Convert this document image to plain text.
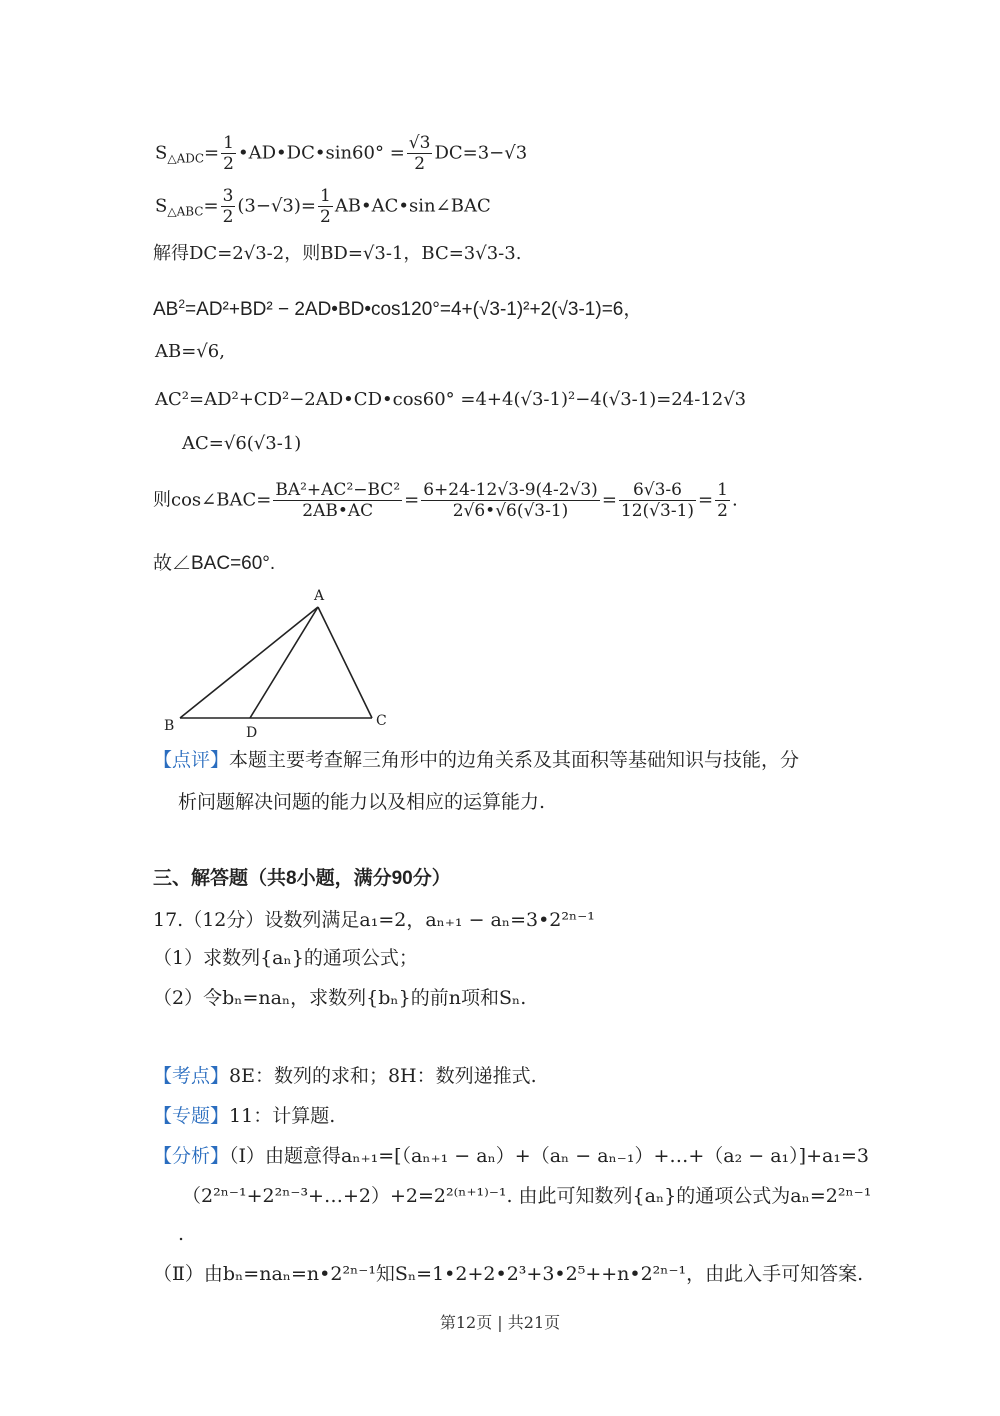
$S_{\triangle ADC}= \frac{1}{2}$ •AD•DC•sin60° = $\frac{√3}{2} DC=3-√3$
$S_{\triangle ABC}= \frac{3}{2} (3-√3)= \frac{1}{2}$ AB•AC•sin∠BAC
解得DC=2√3-2，则BD=√3-1，BC=3√3-3.
$AB^2=AD^2+BD^2$ − 2AD•BD•cos120°=4+(√3-1)²+2(√3-1)=6，
AB=√6,
AC²=AD²+CD²−2AD•CD•cos60° =4+4(√3-1)²−4(√3-1)=24-12√3
AC=√6(√3-1)
则cos∠BAC= $\frac{\text{BA²+AC²−BC²}}{2AB•AC} = \frac{6+24-12√3-9(4-2√3)}{2√6•√6(√3-1)} = \frac{6√3-6}{12(√3-1)} = \frac{1}{2}$ .
故∠BAC=60°.
A
B	C
D
【点评】本题主要考查解三角形中的边角关系及其面积等基础知识与技能，分
析问题解决问题的能力以及相应的运算能力.
三、解答题（共8小题，满分90分）
17.（12分）设数列满足a₁=2，aₙ₊₁ − aₙ=3•2²ⁿ⁻¹
（1）求数列{aₙ}的通项公式；
（2）令bₙ=naₙ，求数列{bₙ}的前n项和Sₙ.
【考点】8E：数列的求和；8H：数列递推式.
【专题】11：计算题.
【分析】（Ⅰ）由题意得aₙ₊₁=[（aₙ₊₁ − aₙ）+（aₙ − aₙ₋₁）+…+（a₂ − a₁）]+a₁=3
（2²ⁿ⁻¹+2²ⁿ⁻³+…+2）+2=2²⁽ⁿ⁺¹⁾⁻¹. 由此可知数列{aₙ}的通项公式为aₙ=2²ⁿ⁻¹
.
（Ⅱ）由bₙ=naₙ=n•2²ⁿ⁻¹知Sₙ=1•2+2•2³+3•2⁵++n•2²ⁿ⁻¹，由此入手可知答案.
第12页 | 共21页
